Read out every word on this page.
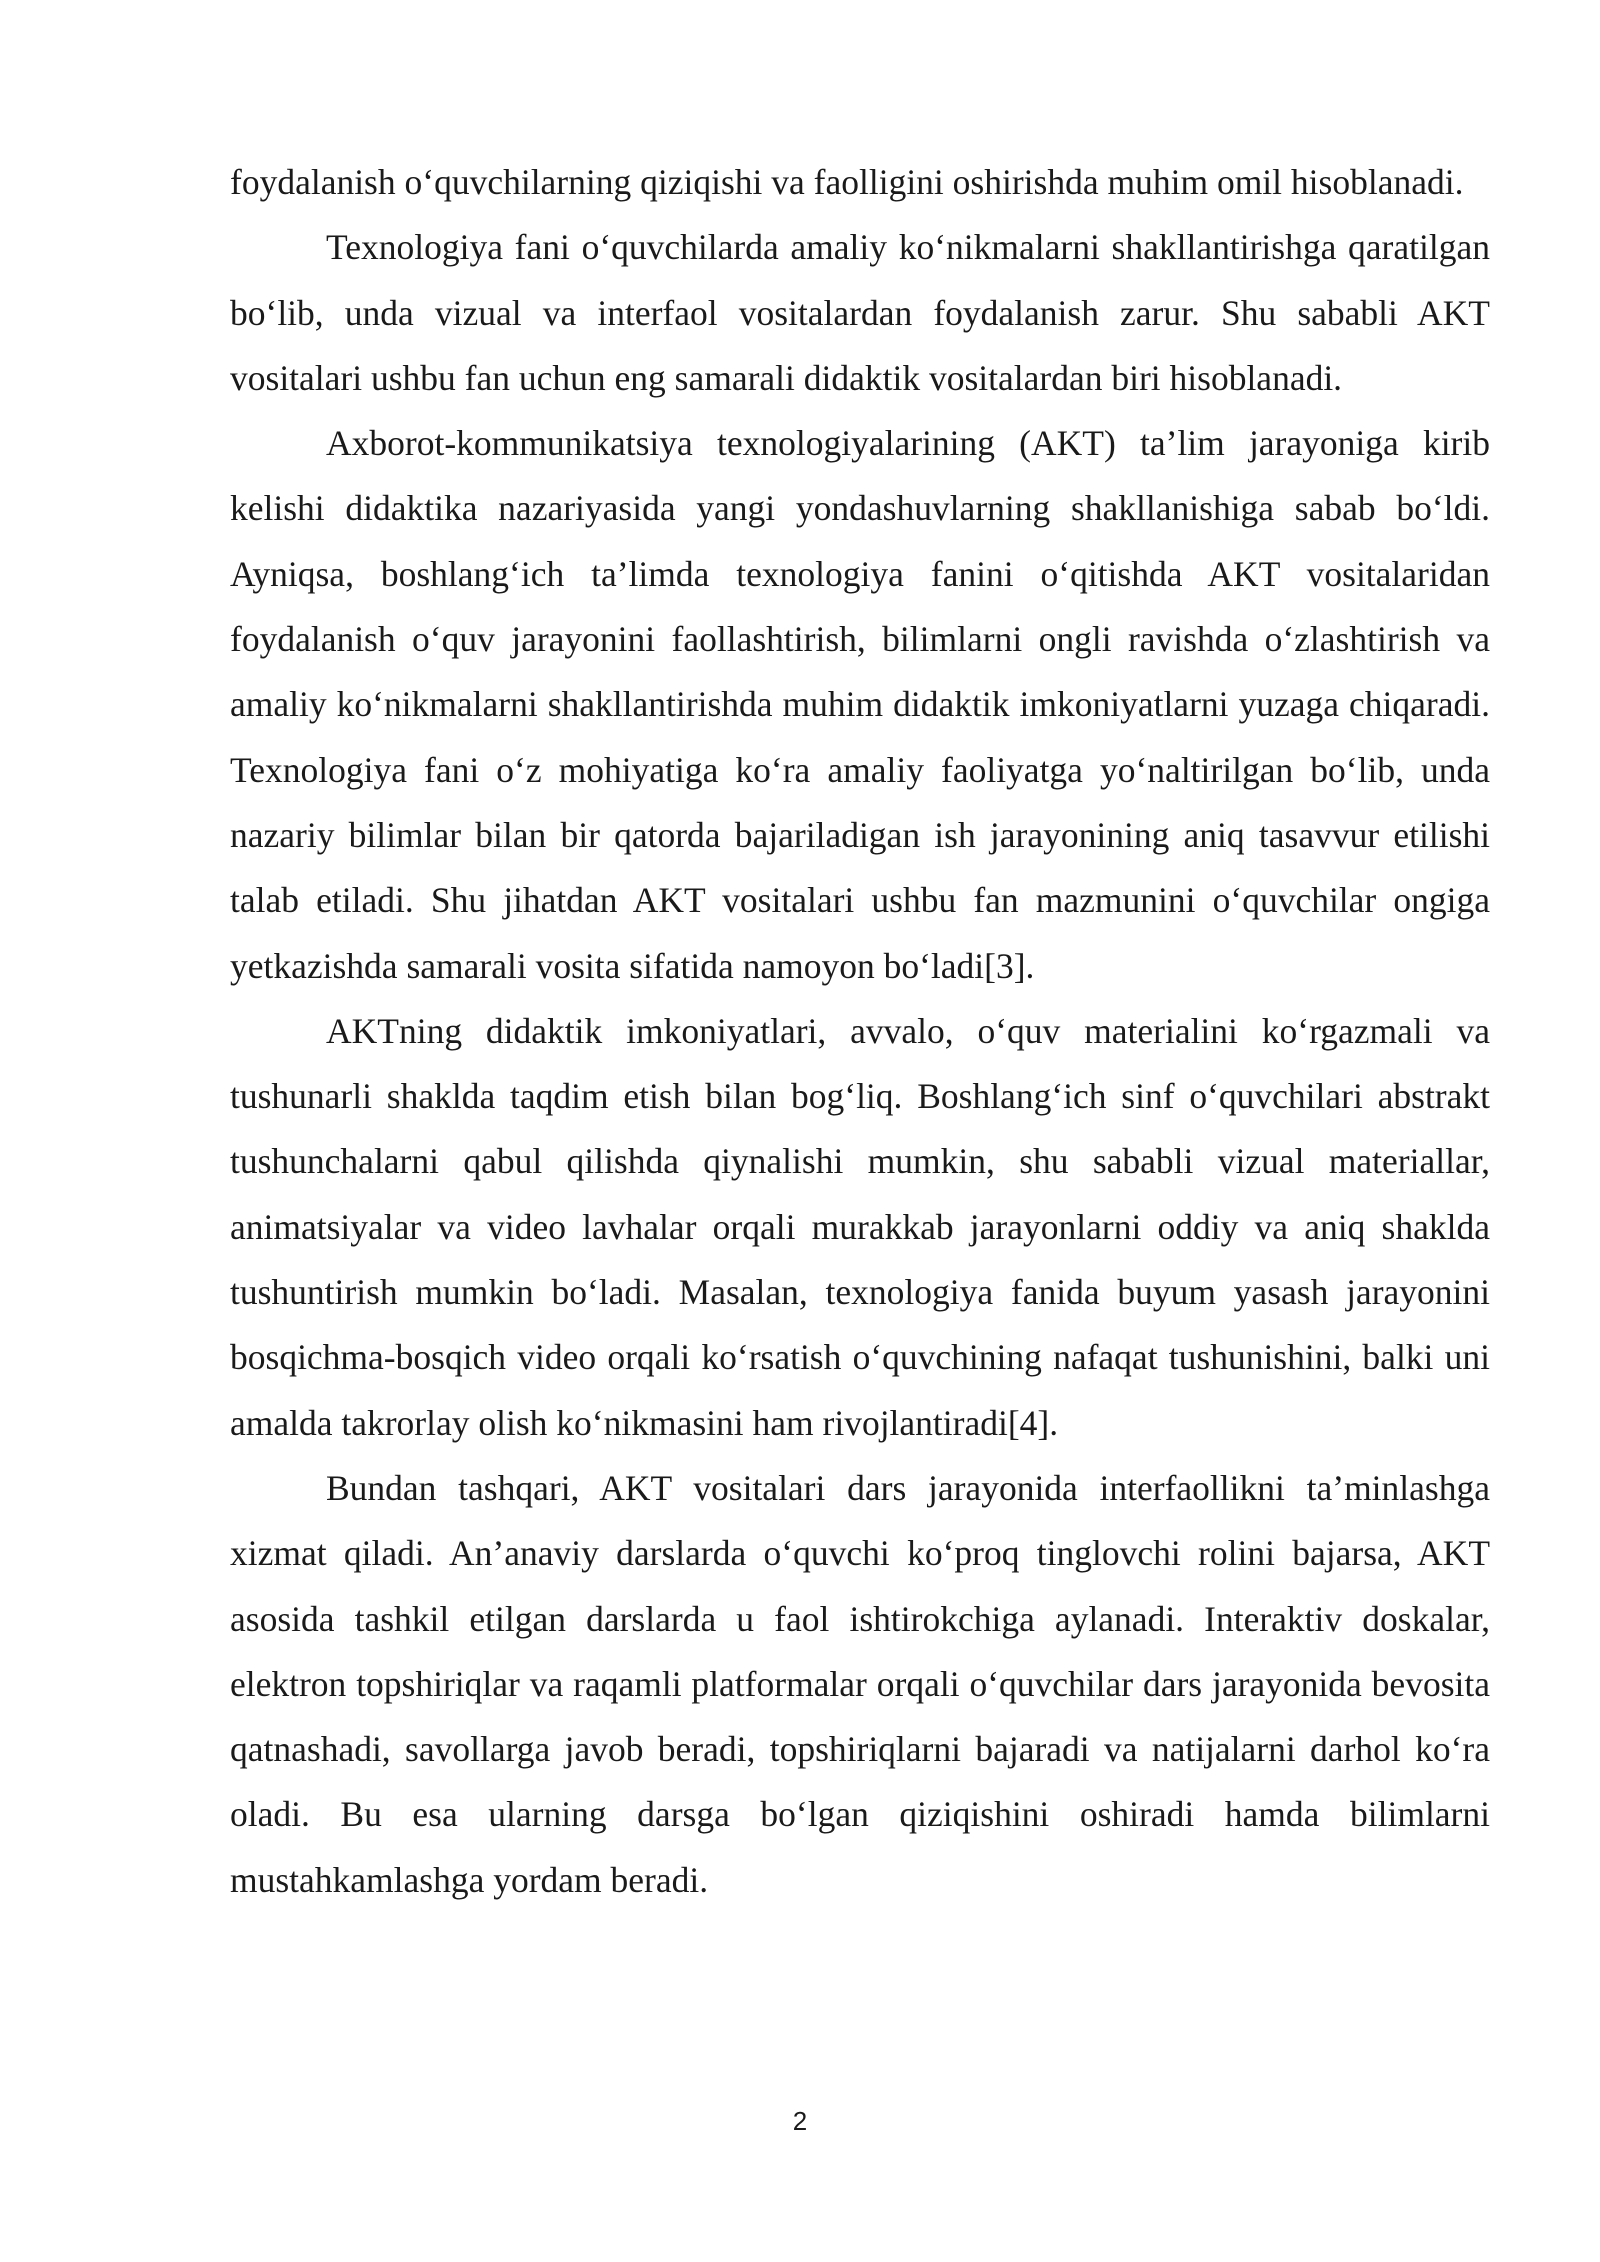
foydalanish o‘quvchilarning qiziqishi va faolligini oshirishda muhim omil hisoblanadi.

Texnologiya fani o‘quvchilarda amaliy ko‘nikmalarni shakllantirishga qaratilgan bo‘lib, unda vizual va interfaol vositalardan foydalanish zarur. Shu sababli AKT vositalari ushbu fan uchun eng samarali didaktik vositalardan biri hisoblanadi.

Axborot-kommunikatsiya texnologiyalarining (AKT) ta’lim jarayoniga kirib kelishi didaktika nazariyasida yangi yondashuvlarning shakllanishiga sabab bo‘ldi. Ayniqsa, boshlang‘ich ta’limda texnologiya fanini o‘qitishda AKT vositalaridan foydalanish o‘quv jarayonini faollashtirish, bilimlarni ongli ravishda o‘zlashtirish va amaliy ko‘nikmalarni shakllantirishda muhim didaktik imkoniyatlarni yuzaga chiqaradi. Texnologiya fani o‘z mohiyatiga ko‘ra amaliy faoliyatga yo‘naltirilgan bo‘lib, unda nazariy bilimlar bilan bir qatorda bajariladigan ish jarayonining aniq tasavvur etilishi talab etiladi. Shu jihatdan AKT vositalari ushbu fan mazmunini o‘quvchilar ongiga yetkazishda samarali vosita sifatida namoyon bo‘ladi[3].

AKTning didaktik imkoniyatlari, avvalo, o‘quv materialini ko‘rgazmali va tushunarli shaklda taqdim etish bilan bog‘liq. Boshlang‘ich sinf o‘quvchilari abstrakt tushunchalarni qabul qilishda qiynalishi mumkin, shu sababli vizual materiallar, animatsiyalar va video lavhalar orqali murakkab jarayonlarni oddiy va aniq shaklda tushuntirish mumkin bo‘ladi. Masalan, texnologiya fanida buyum yasash jarayonini bosqichma-bosqich video orqali ko‘rsatish o‘quvchining nafaqat tushunishini, balki uni amalda takrorlay olish ko‘nikmasini ham rivojlantiradi[4].

Bundan tashqari, AKT vositalari dars jarayonida interfaollikni ta’minlashga xizmat qiladi. An’anaviy darslarda o‘quvchi ko‘proq tinglovchi rolini bajarsa, AKT asosida tashkil etilgan darslarda u faol ishtirokchiga aylanadi. Interaktiv doskalar, elektron topshiriqlar va raqamli platformalar orqali o‘quvchilar dars jarayonida bevosita qatnashadi, savollarga javob beradi, topshiriqlarni bajaradi va natijalarni darhol ko‘ra oladi. Bu esa ularning darsga bo‘lgan qiziqishini oshiradi hamda bilimlarni mustahkamlashga yordam beradi.

2
